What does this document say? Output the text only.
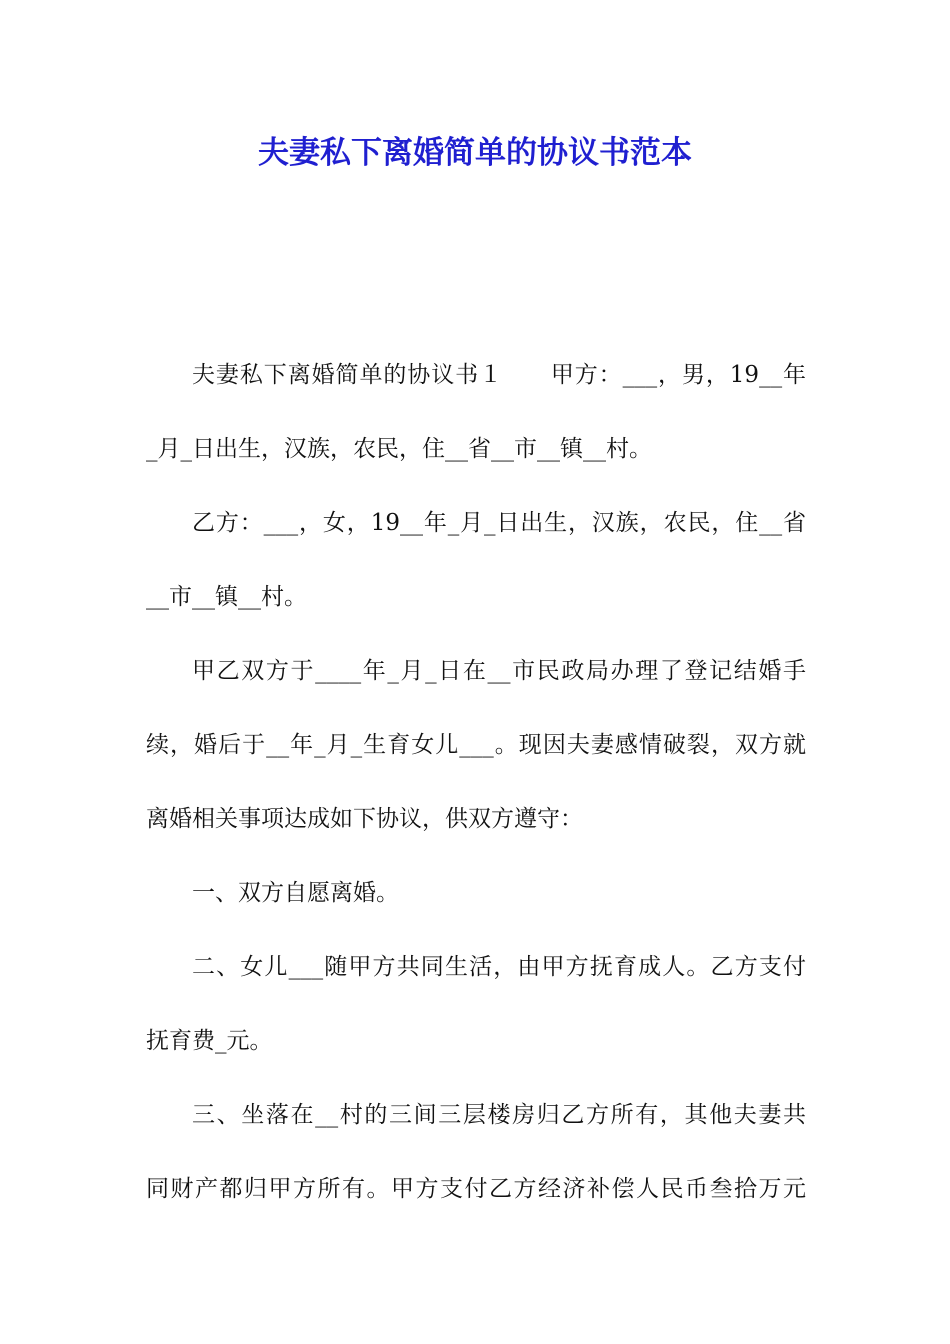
夫妻私下离婚简单的协议书范本
夫妻私下离婚简单的协议书１　　甲方：___，男，19__年
_月_日出生，汉族，农民，住__省__市__镇__村。
乙方：___，女，19__年_月_日出生，汉族，农民，住__省
__市__镇__村。
甲乙双方于____年_月_日在__市民政局办理了登记结婚手
续，婚后于__年_月_生育女儿___。现因夫妻感情破裂，双方就
离婚相关事项达成如下协议，供双方遵守：
一、双方自愿离婚。
二、女儿___随甲方共同生活，由甲方抚育成人。乙方支付
抚育费_元。
三、坐落在__村的三间三层楼房归乙方所有，其他夫妻共
同财产都归甲方所有。甲方支付乙方经济补偿人民币叁拾万元
